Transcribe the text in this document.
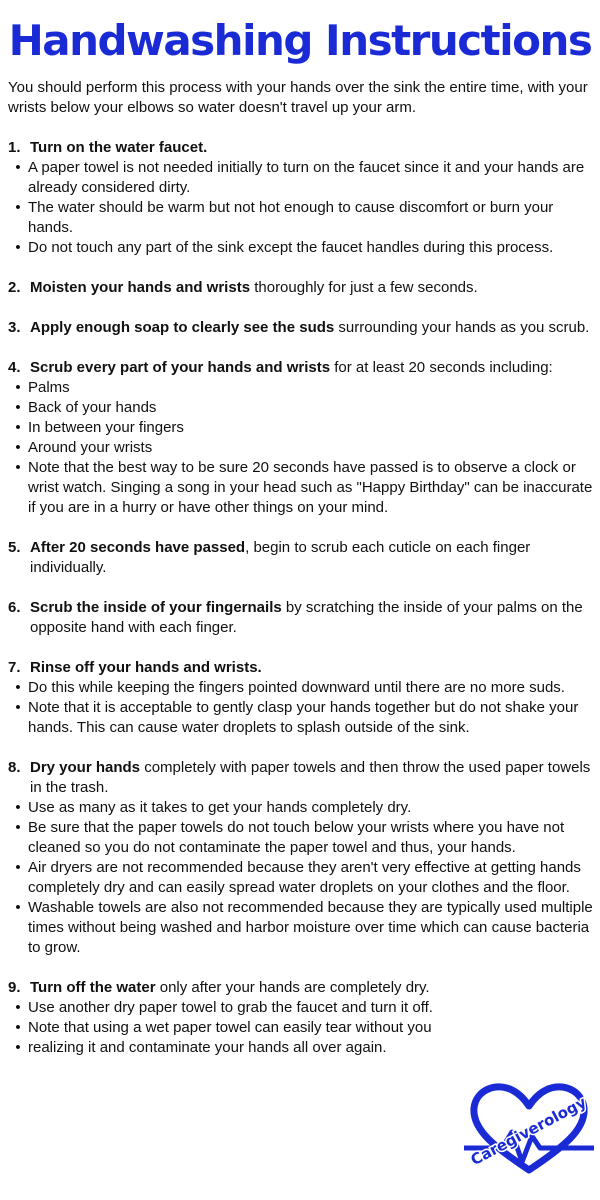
Handwashing Instructions

You should perform this process with your hands over the sink the entire time, with your wrists below your elbows so water doesn't travel up your arm.

1. Turn on the water faucet.
• A paper towel is not needed initially to turn on the faucet since it and your hands are already considered dirty.
• The water should be warm but not hot enough to cause discomfort or burn your hands.
• Do not touch any part of the sink except the faucet handles during this process.
2. Moisten your hands and wrists thoroughly for just a few seconds.
3. Apply enough soap to clearly see the suds surrounding your hands as you scrub.
4. Scrub every part of your hands and wrists for at least 20 seconds including:
• Palms
• Back of your hands
• In between your fingers
• Around your wrists
• Note that the best way to be sure 20 seconds have passed is to observe a clock or wrist watch. Singing a song in your head such as "Happy Birthday" can be inaccurate if you are in a hurry or have other things on your mind.
5. After 20 seconds have passed, begin to scrub each cuticle on each finger individually.
6. Scrub the inside of your fingernails by scratching the inside of your palms on the opposite hand with each finger.
7. Rinse off your hands and wrists.
• Do this while keeping the fingers pointed downward until there are no more suds.
• Note that it is acceptable to gently clasp your hands together but do not shake your hands. This can cause water droplets to splash outside of the sink.
8. Dry your hands completely with paper towels and then throw the used paper towels in the trash.
• Use as many as it takes to get your hands completely dry.
• Be sure that the paper towels do not touch below your wrists where you have not cleaned so you do not contaminate the paper towel and thus, your hands.
• Air dryers are not recommended because they aren't very effective at getting hands completely dry and can easily spread water droplets on your clothes and the floor.
• Washable towels are also not recommended because they are typically used multiple times without being washed and harbor moisture over time which can cause bacteria to grow.
9. Turn off the water only after your hands are completely dry.
• Use another dry paper towel to grab the faucet and turn it off.
• Note that using a wet paper towel can easily tear without you
• realizing it and contaminate your hands all over again.
Caregiverology
